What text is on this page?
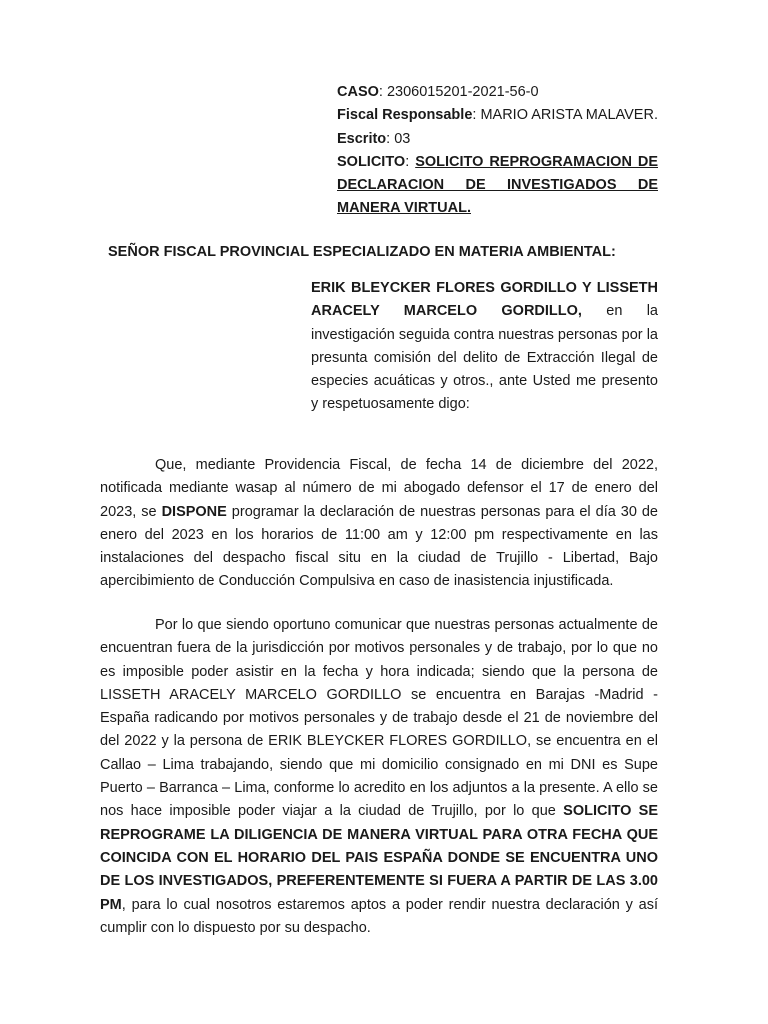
CASO: 2306015201-2021-56-0
Fiscal Responsable: MARIO ARISTA MALAVER.
Escrito: 03
SOLICITO: SOLICITO REPROGRAMACION DE DECLARACION DE INVESTIGADOS DE MANERA VIRTUAL.
SEÑOR FISCAL PROVINCIAL ESPECIALIZADO EN MATERIA AMBIENTAL:
ERIK BLEYCKER FLORES GORDILLO Y LISSETH ARACELY MARCELO GORDILLO, en la investigación seguida contra nuestras personas por la presunta comisión del delito de Extracción Ilegal de especies acuáticas y otros., ante Usted me presento y respetuosamente digo:
Que, mediante Providencia Fiscal, de fecha 14 de diciembre del 2022, notificada mediante wasap al número de mi abogado defensor el 17 de enero del 2023, se DISPONE programar la declaración de nuestras personas para el día 30 de enero del 2023 en los horarios de 11:00 am y 12:00 pm respectivamente en las instalaciones del despacho fiscal situ en la ciudad de Trujillo - Libertad, Bajo apercibimiento de Conducción Compulsiva en caso de inasistencia injustificada.
Por lo que siendo oportuno comunicar que nuestras personas actualmente de encuentran fuera de la jurisdicción por motivos personales y de trabajo, por lo que no es imposible poder asistir en la fecha y hora indicada; siendo que la persona de LISSETH ARACELY MARCELO GORDILLO se encuentra en Barajas -Madrid - España radicando por motivos personales y de trabajo desde el 21 de noviembre del del 2022 y la persona de ERIK BLEYCKER FLORES GORDILLO, se encuentra en el Callao – Lima trabajando, siendo que mi domicilio consignado en mi DNI es Supe Puerto – Barranca – Lima, conforme lo acredito en los adjuntos a la presente. A ello se nos hace imposible poder viajar a la ciudad de Trujillo, por lo que SOLICITO SE REPROGRAME LA DILIGENCIA DE MANERA VIRTUAL PARA OTRA FECHA QUE COINCIDA CON EL HORARIO DEL PAIS ESPAÑA DONDE SE ENCUENTRA UNO DE LOS INVESTIGADOS, PREFERENTEMENTE SI FUERA A PARTIR DE LAS 3.00 PM, para lo cual nosotros estaremos aptos a poder rendir nuestra declaración y así cumplir con lo dispuesto por su despacho.
